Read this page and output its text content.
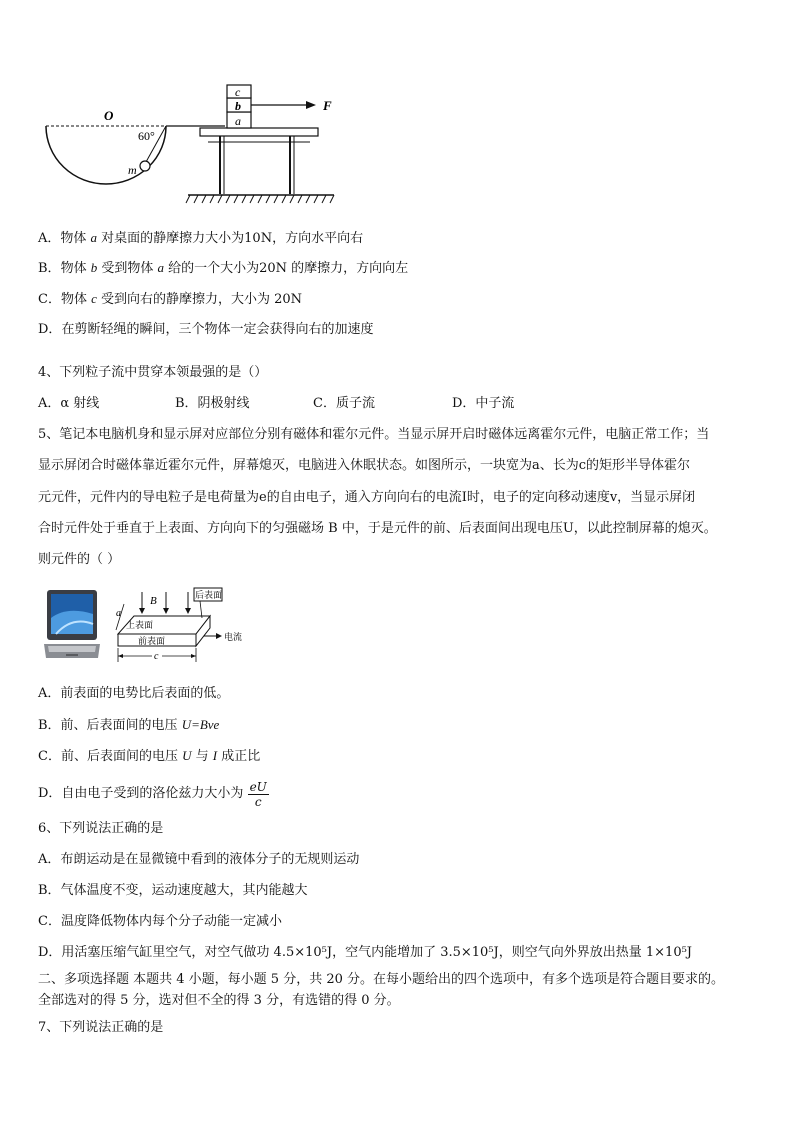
O
60°
m
a
b
c
F
A．物体 a 对桌面的静摩擦力大小为10N，方向水平向右
B．物体 b 受到物体 a 给的一个大小为20N 的摩擦力，方向向左
C．物体 c 受到向右的静摩擦力，大小为 20N
D．在剪断轻绳的瞬间，三个物体一定会获得向右的加速度
4、下列粒子流中贯穿本领最强的是（）
A．α 射线	B．阴极射线	C．质子流	D．中子流
5、笔记本电脑机身和显示屏对应部位分别有磁体和霍尔元件。当显示屏开启时磁体远离霍尔元件，电脑正常工作；当
显示屏闭合时磁体靠近霍尔元件，屏幕熄灭，电脑进入休眠状态。如图所示，一块宽为a、长为c的矩形半导体霍尔
元元件，元件内的导电粒子是电荷量为e的自由电子，通入方向向右的电流I时，电子的定向移动速度v，当显示屏闭
合时元件处于垂直于上表面、方向向下的匀强磁场 B 中，于是元件的前、后表面间出现电压U，以此控制屏幕的熄灭。
则元件的（ ）
B	后表面
a
上表面
前表面	电流
c
A．前表面的电势比后表面的低。
B．前、后表面间的电压 U=Bve
C．前、后表面间的电压 U 与 I 成正比
D．自由电子受到的洛伦兹力大小为 $\frac{eU}{c}$
6、下列说法正确的是
A．布朗运动是在显微镜中看到的液体分子的无规则运动
B．气体温度不变，运动速度越大，其内能越大
C．温度降低物体内每个分子动能一定减小
D．用活塞压缩气缸里空气，对空气做功 4.5×10⁵J，空气内能增加了 3.5×10⁵J，则空气向外界放出热量 1×10⁵J
二、多项选择题 本题共 4 小题，每小题 5 分，共 20 分。在每小题给出的四个选项中，有多个选项是符合题目要求的。
全部选对的得 5 分，选对但不全的得 3 分，有选错的得 0 分。
7、下列说法正确的是
